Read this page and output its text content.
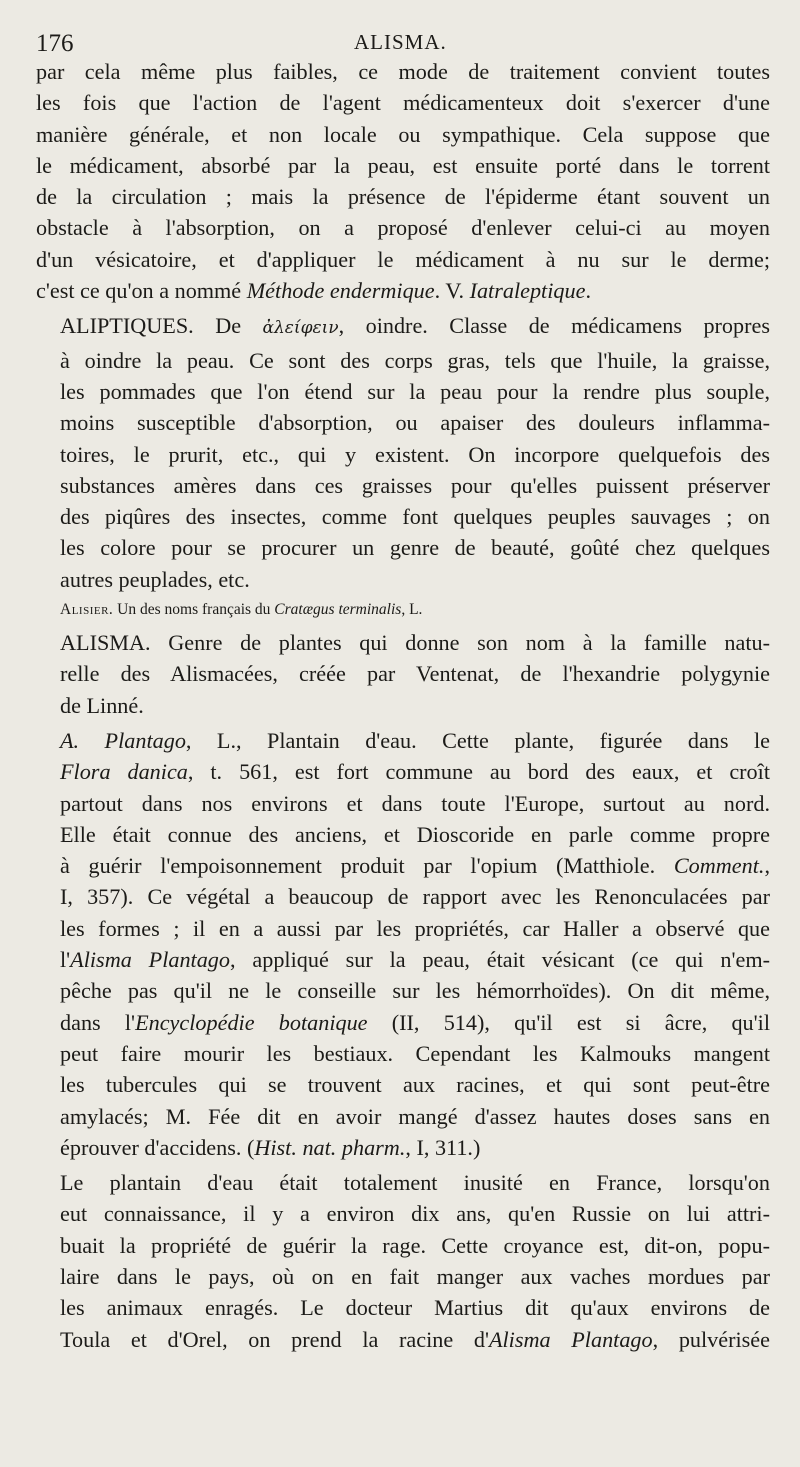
176	ALISMA.

par cela même plus faibles, ce mode de traitement convient toutes
les fois que l'action de l'agent médicamenteux doit s'exercer d'une
manière générale, et non locale ou sympathique. Cela suppose que
le médicament, absorbé par la peau, est ensuite porté dans le torrent
de la circulation ; mais la présence de l'épiderme étant souvent un
obstacle à l'absorption, on a proposé d'enlever celui-ci au moyen
d'un vésicatoire, et d'appliquer le médicament à nu sur le derme;
c'est ce qu'on a nommé Méthode endermique. V. Iatraleptique.

ALIPTIQUES. De ἀλείφειν, oindre. Classe de médicamens propres
à oindre la peau. Ce sont des corps gras, tels que l'huile, la graisse,
les pommades que l'on étend sur la peau pour la rendre plus souple,
moins susceptible d'absorption, ou apaiser des douleurs inflamma-
toires, le prurit, etc., qui y existent. On incorpore quelquefois des
substances amères dans ces graisses pour qu'elles puissent préserver
des piqûres des insectes, comme font quelques peuples sauvages ; on
les colore pour se procurer un genre de beauté, goûté chez quelques
autres peuplades, etc.

Alisier. Un des noms français du Cratægus terminalis, L.

ALISMA. Genre de plantes qui donne son nom à la famille natu-
relle des Alismacées, créée par Ventenat, de l'hexandrie polygynie
de Linné.

A. Plantago, L., Plantain d'eau. Cette plante, figurée dans le
Flora danica, t. 561, est fort commune au bord des eaux, et croît
partout dans nos environs et dans toute l'Europe, surtout au nord.
Elle était connue des anciens, et Dioscoride en parle comme propre
à guérir l'empoisonnement produit par l'opium (Matthiole. Comment.,
I, 357). Ce végétal a beaucoup de rapport avec les Renonculacées par
les formes ; il en a aussi par les propriétés, car Haller a observé que
l'Alisma Plantago, appliqué sur la peau, était vésicant (ce qui n'em-
pêche pas qu'il ne le conseille sur les hémorrhoïdes). On dit même,
dans l'Encyclopédie botanique (II, 514), qu'il est si âcre, qu'il
peut faire mourir les bestiaux. Cependant les Kalmouks mangent
les tubercules qui se trouvent aux racines, et qui sont peut-être
amylacés; M. Fée dit en avoir mangé d'assez hautes doses sans en
éprouver d'accidens. (Hist. nat. pharm., I, 311.)

Le plantain d'eau était totalement inusité en France, lorsqu'on
eut connaissance, il y a environ dix ans, qu'en Russie on lui attri-
buait la propriété de guérir la rage. Cette croyance est, dit-on, popu-
laire dans le pays, où on en fait manger aux vaches mordues par
les animaux enragés. Le docteur Martius dit qu'aux environs de
Toula et d'Orel, on prend la racine d'Alisma Plantago, pulvérisée
